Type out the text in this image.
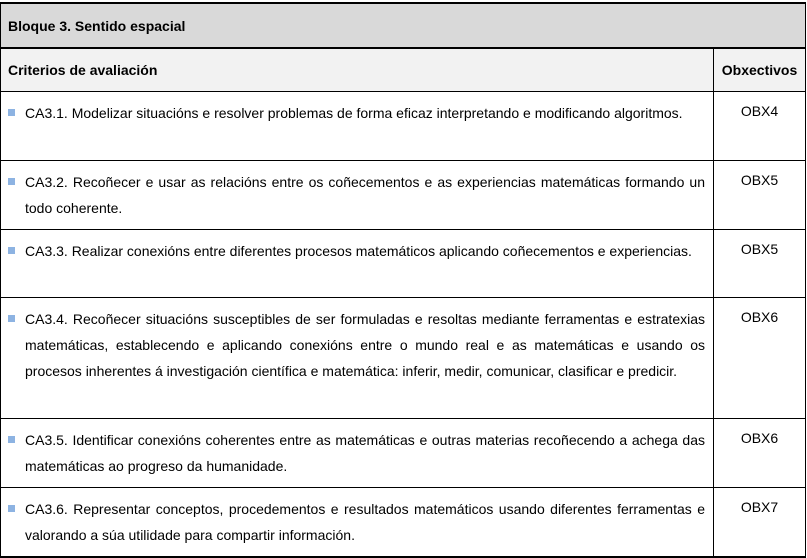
Bloque 3. Sentido espacial	
Criterios de avaliación	Obxectivos

CA3.1. Modelizar situacións e resolver problemas de forma eficaz interpretando e modificando algoritmos.	OBX4

CA3.2. Recoñecer e usar as relacións entre os coñecementos e as experiencias matemáticas formando un todo coherente.	OBX5

CA3.3. Realizar conexións entre diferentes procesos matemáticos aplicando coñecementos e experiencias.	OBX5

CA3.4. Recoñecer situacións susceptibles de ser formuladas e resoltas mediante ferramentas e estratexias matemáticas, establecendo e aplicando conexións entre o mundo real e as matemáticas e usando os procesos inherentes á investigación científica e matemática: inferir, medir, comunicar, clasificar e predicir.	OBX6

CA3.5. Identificar conexións coherentes entre as matemáticas e outras materias recoñecendo a achega das matemáticas ao progreso da humanidade.	OBX6

CA3.6. Representar conceptos, procedementos e resultados matemáticos usando diferentes ferramentas e valorando a súa utilidade para compartir información.	OBX7
